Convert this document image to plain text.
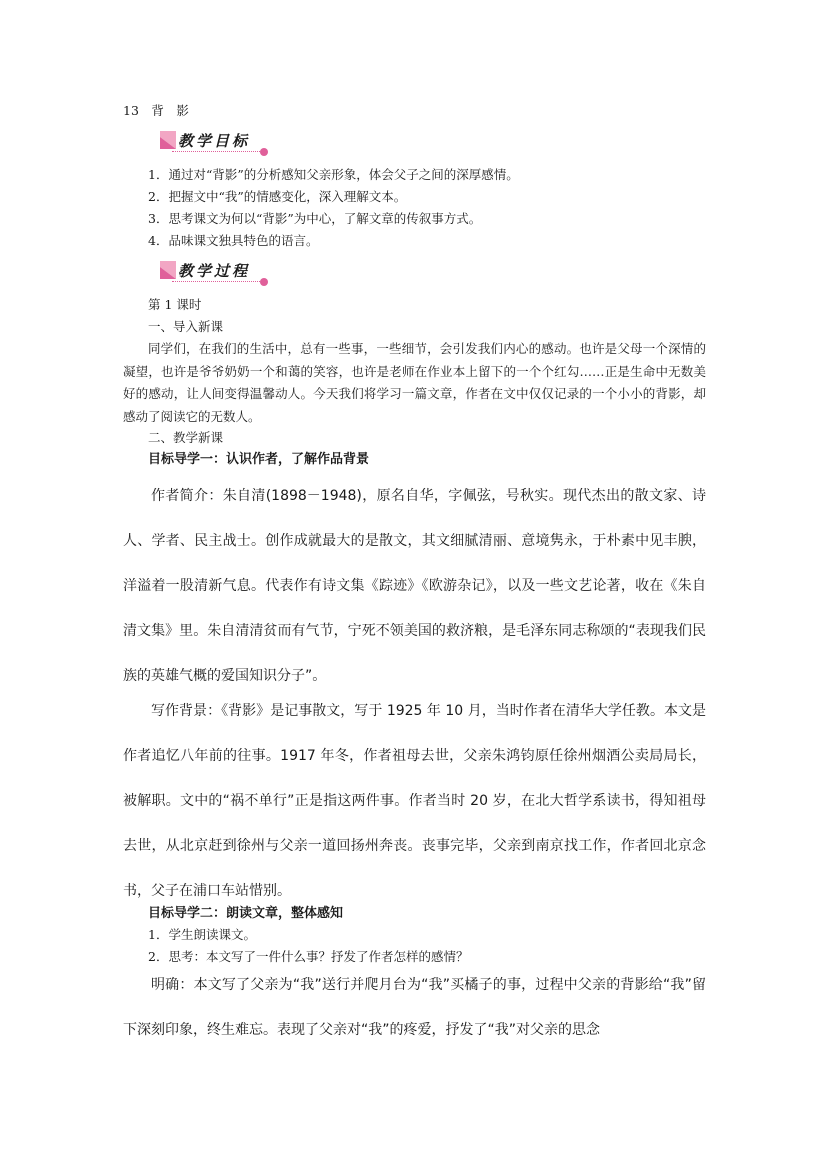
13　 背　影
教学目标
1．通过对“背影”的分析感知父亲形象，体会父子之间的深厚感情。
2．把握文中“我”的情感变化，深入理解文本。
3．思考课文为何以“背影”为中心，了解文章的传叙事方式。
4．品味课文独具特色的语言。
教学过程
第 1 课时
一、导入新课
同学们，在我们的生活中，总有一些事，一些细节，会引发我们内心的感动。也许是父母一个深情的凝望，也许是爷爷奶奶一个和蔼的笑容，也许是老师在作业本上留下的一个个红勾……正是生命中无数美好的感动，让人间变得温馨动人。今天我们将学习一篇文章，作者在文中仅仅记录的一个小小的背影，却感动了阅读它的无数人。
二、教学新课
目标导学一：认识作者，了解作品背景
作者简介：朱自清(1898－1948)，原名自华，字佩弦，号秋实。现代杰出的散文家、诗人、学者、民主战士。创作成就最大的是散文，其文细腻清丽、意境隽永，于朴素中见丰腴，洋溢着一股清新气息。代表作有诗文集《踪迹》《欧游杂记》，以及一些文艺论著，收在《朱自清文集》里。朱自清清贫而有气节，宁死不领美国的救济粮，是毛泽东同志称颂的“表现我们民族的英雄气概的爱国知识分子”。
写作背景：《背影》是记事散文，写于 1925 年 10 月，当时作者在清华大学任教。本文是作者追忆八年前的往事。1917 年冬，作者祖母去世，父亲朱鸿钧原任徐州烟酒公卖局局长，被解职。文中的“祸不单行”正是指这两件事。作者当时 20 岁，在北大哲学系读书，得知祖母去世，从北京赶到徐州与父亲一道回扬州奔丧。丧事完毕，父亲到南京找工作，作者回北京念书，父子在浦口车站惜别。
目标导学二：朗读文章，整体感知
1．学生朗读课文。
2．思考：本文写了一件什么事？抒发了作者怎样的感情？
明确：本文写了父亲为“我”送行并爬月台为“我”买橘子的事，过程中父亲的背影给“我”留下深刻印象，终生难忘。表现了父亲对“我”的疼爱，抒发了“我”对父亲的思念
